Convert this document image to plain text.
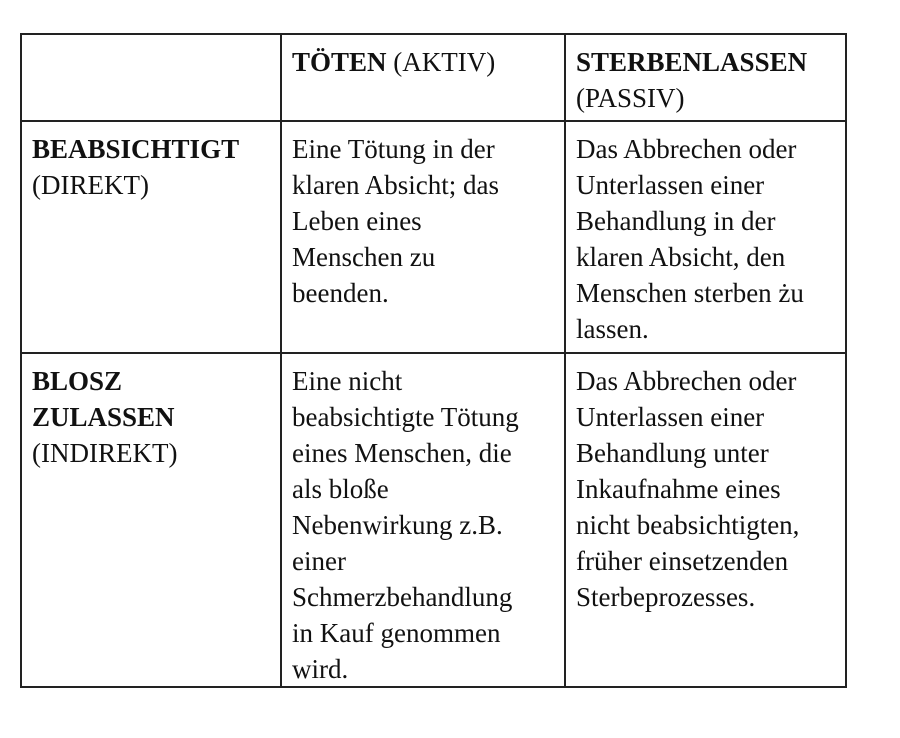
TÖTEN (AKTIV)	STERBENLASSEN
(PASSIV)
BEABSICHTIGT
(DIREKT)
Eine Tötung in der
klaren Absicht; das
Leben eines
Menschen zu
beenden.
Das Abbrechen oder
Unterlassen einer
Behandlung in der
klaren Absicht, den
Menschen sterben żu
lassen.
BLOSZ
ZULASSEN
(INDIREKT)
Eine nicht
beabsichtigte Tötung
eines Menschen, die
als bloße
Nebenwirkung z.B.
einer
Schmerzbehandlung
in Kauf genommen
wird.
Das Abbrechen oder
Unterlassen einer
Behandlung unter
Inkaufnahme eines
nicht beabsichtigten,
früher einsetzenden
Sterbeprozesses.
